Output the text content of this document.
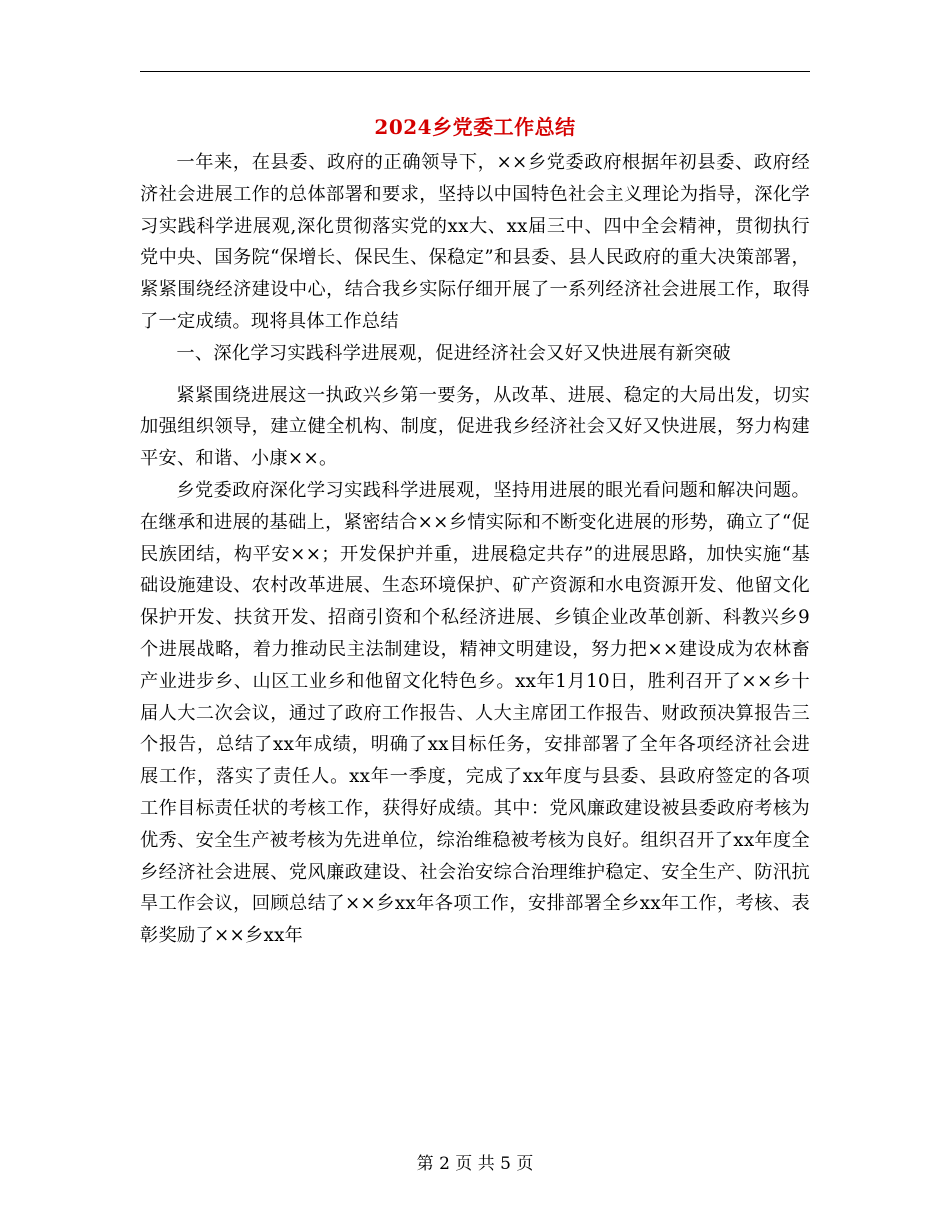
2024乡党委工作总结

一年来，在县委、政府的正确领导下，××乡党委政府根据年初县委、政府经济社会进展工作的总体部署和要求，坚持以中国特色社会主义理论为指导，深化学习实践科学进展观,深化贯彻落实党的xx大、xx届三中、四中全会精神，贯彻执行党中央、国务院“保增长、保民生、保稳定”和县委、县人民政府的重大决策部署，紧紧围绕经济建设中心，结合我乡实际仔细开展了一系列经济社会进展工作，取得了一定成绩。现将具体工作总结

一、深化学习实践科学进展观，促进经济社会又好又快进展有新突破

紧紧围绕进展这一执政兴乡第一要务，从改革、进展、稳定的大局出发，切实加强组织领导，建立健全机构、制度，促进我乡经济社会又好又快进展，努力构建平安、和谐、小康××。

乡党委政府深化学习实践科学进展观，坚持用进展的眼光看问题和解决问题。在继承和进展的基础上，紧密结合××乡情实际和不断变化进展的形势，确立了“促民族团结，构平安××；开发保护并重，进展稳定共存”的进展思路，加快实施“基础设施建设、农村改革进展、生态环境保护、矿产资源和水电资源开发、他留文化保护开发、扶贫开发、招商引资和个私经济进展、乡镇企业改革创新、科教兴乡9个进展战略，着力推动民主法制建设，精神文明建设，努力把××建设成为农林畜产业进步乡、山区工业乡和他留文化特色乡。xx年1月10日，胜利召开了××乡十届人大二次会议，通过了政府工作报告、人大主席团工作报告、财政预决算报告三个报告，总结了xx年成绩，明确了xx目标任务，安排部署了全年各项经济社会进展工作，落实了责任人。xx年一季度，完成了xx年度与县委、县政府签定的各项工作目标责任状的考核工作，获得好成绩。其中：党风廉政建设被县委政府考核为优秀、安全生产被考核为先进单位，综治维稳被考核为良好。组织召开了xx年度全乡经济社会进展、党风廉政建设、社会治安综合治理维护稳定、安全生产、防汛抗旱工作会议，回顾总结了××乡xx年各项工作，安排部署全乡xx年工作，考核、表彰奖励了××乡xx年

第 2 页 共 5 页
